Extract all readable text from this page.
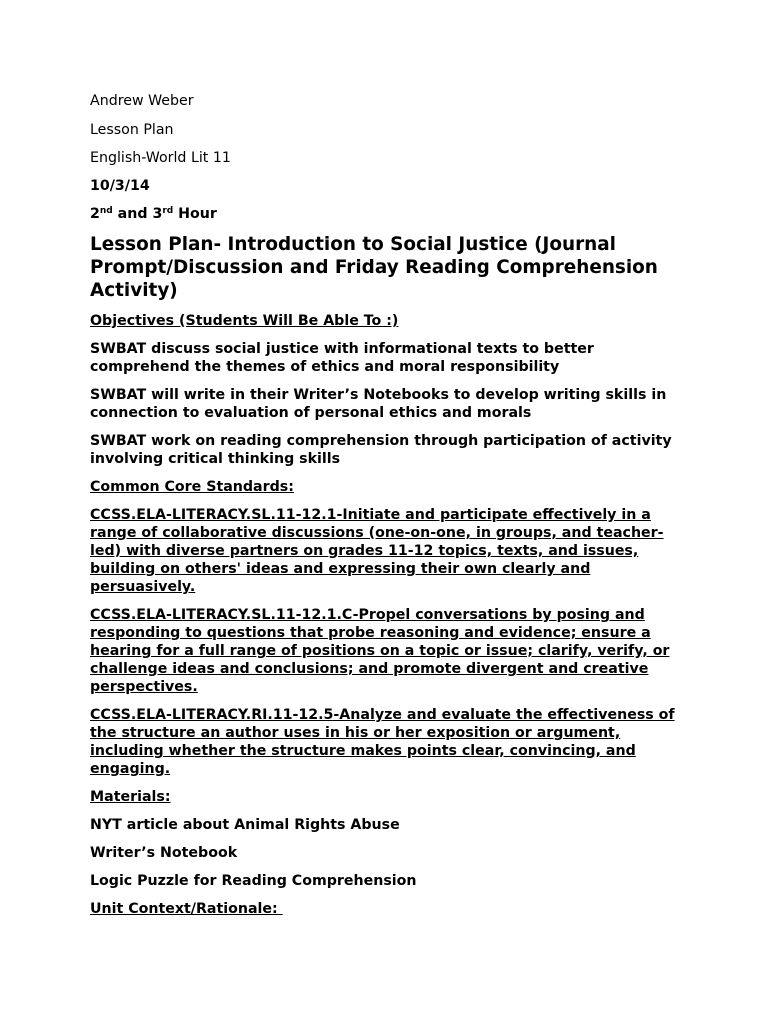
Andrew Weber
Lesson Plan
English-World Lit 11
10/3/14
2nd and 3rd Hour
Lesson Plan- Introduction to Social Justice (Journal
Prompt/Discussion and Friday Reading Comprehension
Activity)
Objectives (Students Will Be Able To :)
SWBAT discuss social justice with informational texts to better
comprehend the themes of ethics and moral responsibility
SWBAT will write in their Writer’s Notebooks to develop writing skills in
connection to evaluation of personal ethics and morals
SWBAT work on reading comprehension through participation of activity
involving critical thinking skills
Common Core Standards:
CCSS.ELA-LITERACY.SL.11-12.1-Initiate and participate effectively in a
range of collaborative discussions (one-on-one, in groups, and teacher-
led) with diverse partners on grades 11-12 topics, texts, and issues,
building on others' ideas and expressing their own clearly and
persuasively.
CCSS.ELA-LITERACY.SL.11-12.1.C-Propel conversations by posing and
responding to questions that probe reasoning and evidence; ensure a
hearing for a full range of positions on a topic or issue; clarify, verify, or
challenge ideas and conclusions; and promote divergent and creative
perspectives.
CCSS.ELA-LITERACY.RI.11-12.5-Analyze and evaluate the effectiveness of
the structure an author uses in his or her exposition or argument,
including whether the structure makes points clear, convincing, and
engaging.
Materials:
NYT article about Animal Rights Abuse
Writer’s Notebook
Logic Puzzle for Reading Comprehension
Unit Context/Rationale:
